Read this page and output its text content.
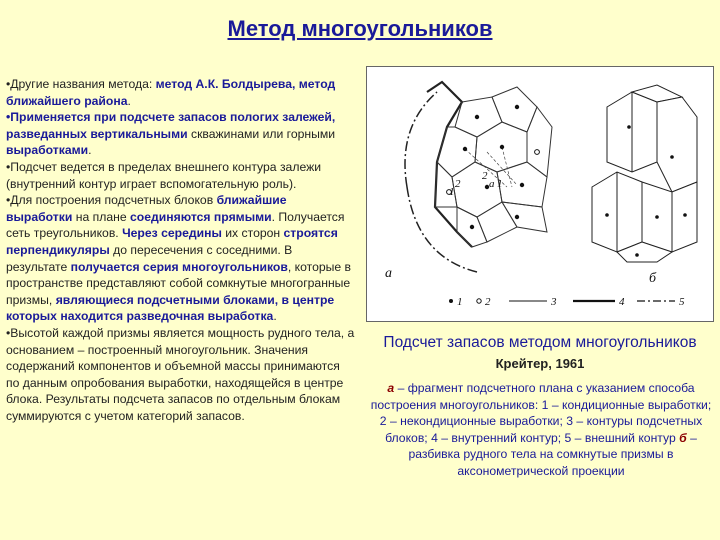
Метод многоугольников

•Другие названия метода: метод А.К. Болдырева, метод ближайшего района.

•Применяется при подсчете запасов пологих залежей, разведанных вертикальными скважинами или горными выработками.

•Подсчет ведется в пределах внешнего контура залежи (внутренний контур играет вспомогательную роль).

•Для построения подсчетных блоков ближайшие выработки на плане соединяются прямыми. Получается сеть треугольников. Через середины их сторон строятся перпендикуляры до пересечения с соседними. В результате получается серия многоугольников, которые в пространстве представляют собой сомкнутые многогранные призмы, являющиеся подсчетными блоками, в центре которых находится разведочная выработка.

•Высотой каждой призмы является мощность рудного тела, а основанием – построенный многоугольник. Значения содержаний компонентов и объемной массы принимаются по данным опробования выработки, находящейся в центре блока. Результаты подсчета запасов по отдельным блокам суммируются с учетом категорий запасов.

1
2
2
a 1
а	б
1 2	3	4	5
Подсчет запасов методом многоугольников Крейтер, 1961
а – фрагмент подсчетного плана с указанием способа построения многоугольников: 1 – кондиционные выработки; 2 – некондиционные выработки; 3 – контуры подсчетных блоков; 4 – внутренний контур; 5 – внешний контур б – разбивка рудного тела на сомкнутые призмы в аксонометрической проекции
